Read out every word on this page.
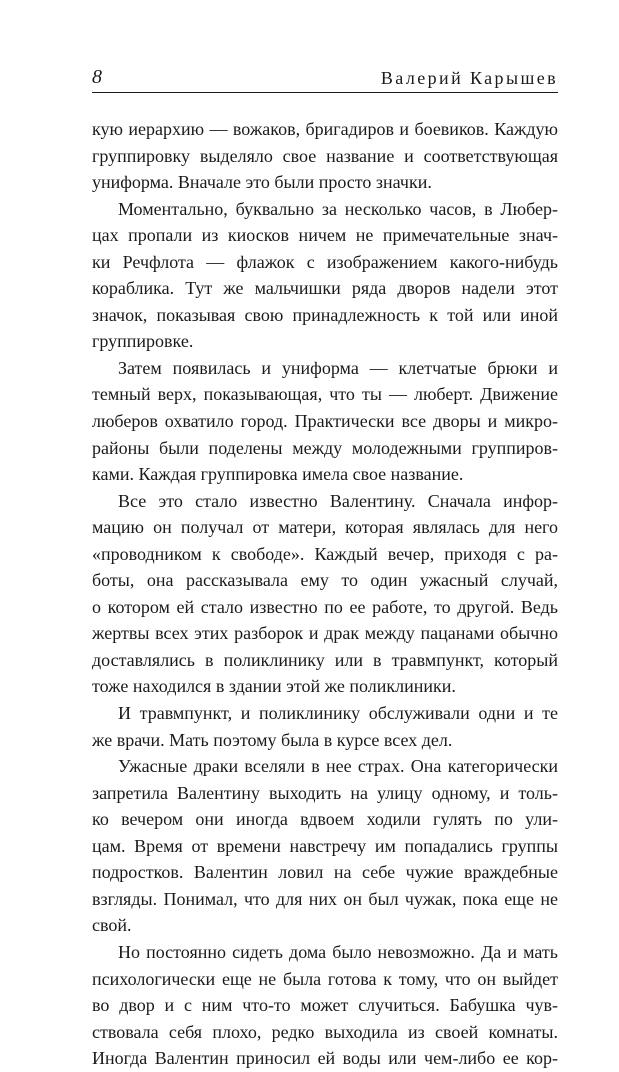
8	Валерий Карышев
кую иерархию — вожаков, бригадиров и боевиков. Каждую
группировку выделяло свое название и соответствующая
униформа. Вначале это были просто значки.
Моментально, буквально за несколько часов, в Любер-
цах пропали из киосков ничем не примечательные знач-
ки Речфлота — флажок с изображением какого-нибудь
кораблика. Тут же мальчишки ряда дворов надели этот
значок, показывая свою принадлежность к той или иной
группировке.
Затем появилась и униформа — клетчатые брюки и
темный верх, показывающая, что ты — люберт. Движение
люберов охватило город. Практически все дворы и микро-
районы были поделены между молодежными группиров-
ками. Каждая группировка имела свое название.
Все это стало известно Валентину. Сначала инфор-
мацию он получал от матери, которая являлась для него
«проводником к свободе». Каждый вечер, приходя с ра-
боты, она рассказывала ему то один ужасный случай,
о котором ей стало известно по ее работе, то другой. Ведь
жертвы всех этих разборок и драк между пацанами обычно
доставлялись в поликлинику или в травмпункт, который
тоже находился в здании этой же поликлиники.
И травмпункт, и поликлинику обслуживали одни и те
же врачи. Мать поэтому была в курсе всех дел.
Ужасные драки вселяли в нее страх. Она категорически
запретила Валентину выходить на улицу одному, и толь-
ко вечером они иногда вдвоем ходили гулять по ули-
цам. Время от времени навстречу им попадались группы
подростков. Валентин ловил на себе чужие враждебные
взгляды. Понимал, что для них он был чужак, пока еще не
свой.
Но постоянно сидеть дома было невозможно. Да и мать
психологически еще не была готова к тому, что он выйдет
во двор и с ним что-то может случиться. Бабушка чув-
ствовала себя плохо, редко выходила из своей комнаты.
Иногда Валентин приносил ей воды или чем-либо ее кор-
